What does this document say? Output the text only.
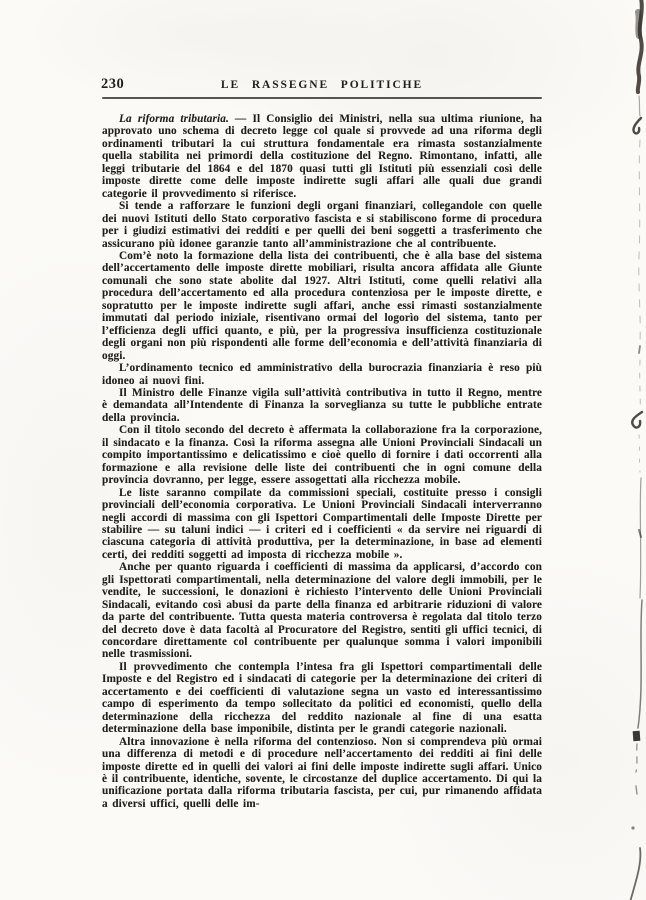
230	LE RASSEGNE POLITICHE

La riforma tributaria. — Il Consiglio dei Ministri, nella sua ultima riunione, ha approvato uno schema di decreto legge col quale si provvede ad una riforma degli ordinamenti tributari la cui struttura fondamentale era rimasta sostanzialmente quella stabilita nei primordi della costituzione del Regno. Rimontano, infatti, alle leggi tributarie del 1864 e del 1870 quasi tutti gli Istituti più essenziali così delle imposte dirette come delle imposte indirette sugli affari alle quali due grandi categorie il provvedimento si riferisce.

Si tende a rafforzare le funzioni degli organi finanziari, collegandole con quelle dei nuovi Istituti dello Stato corporativo fascista e si stabiliscono forme di procedura per i giudizi estimativi dei redditi e per quelli dei beni soggetti a trasferimento che assicurano più idonee garanzie tanto all’amministrazione che al contribuente.

Com’è noto la formazione della lista dei contribuenti, che è alla base del sistema dell’accertamento delle imposte dirette mobiliari, risulta ancora affidata alle Giunte comunali che sono state abolite dal 1927. Altri Istituti, come quelli relativi alla procedura dell’accertamento ed alla procedura contenziosa per le imposte dirette, e sopratutto per le imposte indirette sugli affari, anche essi rimasti sostanzialmente immutati dal periodo iniziale, risentivano ormai del logorìo del sistema, tanto per l’efficienza degli uffici quanto, e più, per la progressiva insufficienza costituzionale degli organi non più rispondenti alle forme dell’economia e dell’attività finanziaria di oggi.

L’ordinamento tecnico ed amministrativo della burocrazia finanziaria è reso più idoneo ai nuovi fini.

Il Ministro delle Finanze vigila sull’attività contributiva in tutto il Regno, mentre è demandata all’Intendente di Finanza la sorveglianza su tutte le pubbliche entrate della provincia.

Con il titolo secondo del decreto è affermata la collaborazione fra la corporazione, il sindacato e la finanza. Così la riforma assegna alle Unioni Provinciali Sindacali un compito importantissimo e delicatissimo e cioè quello di fornire i dati occorrenti alla formazione e alla revisione delle liste dei contribuenti che in ogni comune della provincia dovranno, per legge, essere assogettati alla ricchezza mobile.

Le liste saranno compilate da commissioni speciali, costituite presso i consigli provinciali dell’economia corporativa. Le Unioni Provinciali Sindacali interverranno negli accordi di massima con gli Ispettori Compartimentali delle Imposte Dirette per stabilire — su taluni indici — i criteri ed i coefficienti « da servire nei riguardi di ciascuna categoria di attività produttiva, per la determinazione, in base ad elementi certi, dei redditi soggetti ad imposta di ricchezza mobile ».

Anche per quanto riguarda i coefficienti di massima da applicarsi, d’accordo con gli Ispettorati compartimentali, nella determinazione del valore degli immobili, per le vendite, le successioni, le donazioni è richiesto l’intervento delle Unioni Provinciali Sindacali, evitando così abusi da parte della finanza ed arbitrarie riduzioni di valore da parte del contribuente. Tutta questa materia controversa è regolata dal titolo terzo del decreto dove è data facoltà al Procuratore del Registro, sentiti gli uffici tecnici, di concordare direttamente col contribuente per qualunque somma i valori imponibili nelle trasmissioni.

Il provvedimento che contempla l’intesa fra gli Ispettori compartimentali delle Imposte e del Registro ed i sindacati di categorie per la determinazione dei criteri di accertamento e dei coefficienti di valutazione segna un vasto ed interessantissimo campo di esperimento da tempo sollecitato da politici ed economisti, quello della determinazione della ricchezza del reddito nazionale al fine di una esatta determinazione della base imponibile, distinta per le grandi categorie nazionali.

Altra innovazione è nella riforma del contenzioso. Non si comprendeva più ormai una differenza di metodi e di procedure nell’accertamento dei redditi ai fini delle imposte dirette ed in quelli dei valori ai fini delle imposte indirette sugli affari. Unico è il contribuente, identiche, sovente, le circostanze del duplice accertamento. Di qui la unificazione portata dalla riforma tributaria fascista, per cui, pur rimanendo affidata a diversi uffici, quelli delle im-
